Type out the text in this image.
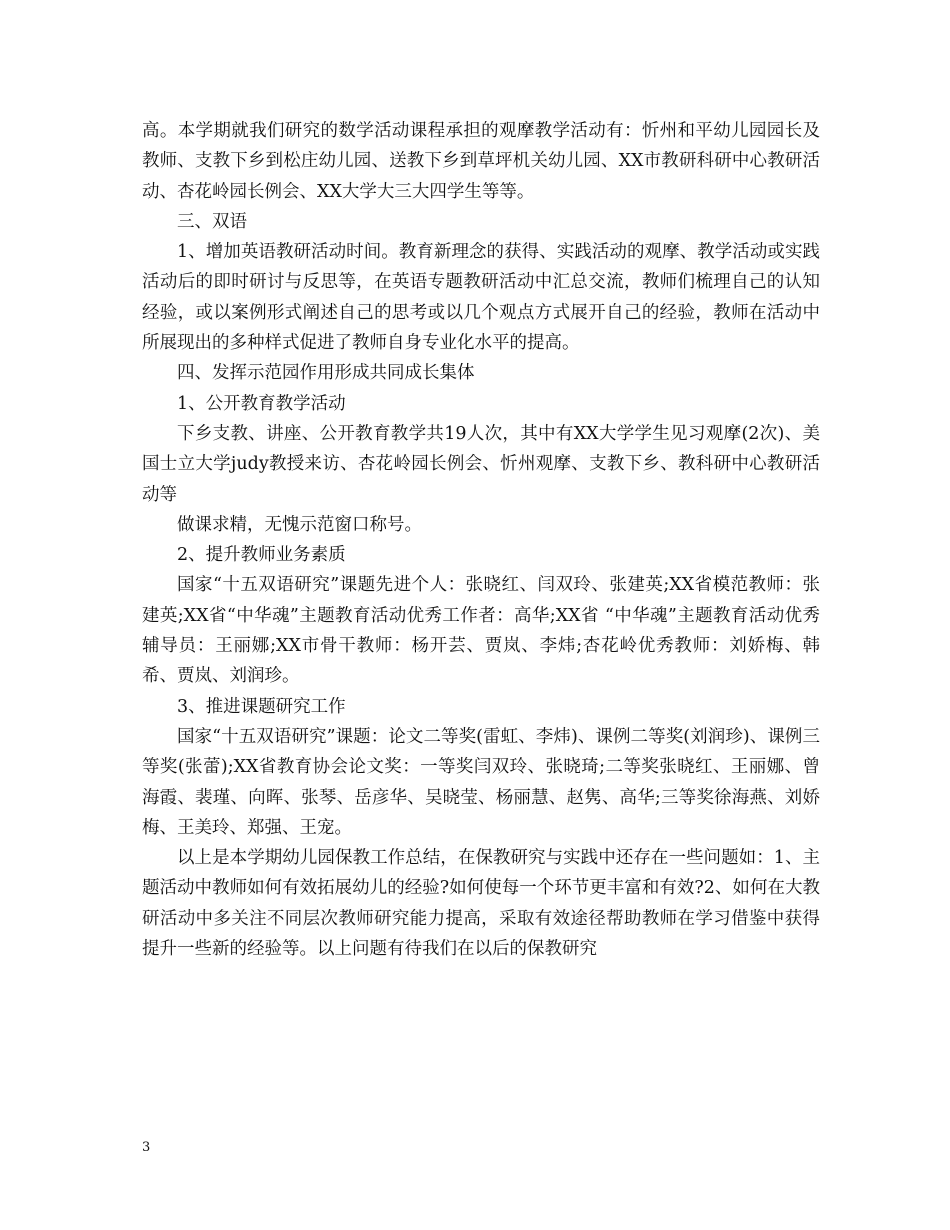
高。本学期就我们研究的数学活动课程承担的观摩教学活动有：忻州和平幼儿园园长及教师、支教下乡到松庄幼儿园、送教下乡到草坪机关幼儿园、XX市教研科研中心教研活动、杏花岭园长例会、XX大学大三大四学生等等。

三、双语

1、增加英语教研活动时间。教育新理念的获得、实践活动的观摩、教学活动或实践活动后的即时研讨与反思等，在英语专题教研活动中汇总交流，教师们梳理自己的认知经验，或以案例形式阐述自己的思考或以几个观点方式展开自己的经验，教师在活动中所展现出的多种样式促进了教师自身专业化水平的提高。

四、发挥示范园作用形成共同成长集体

1、公开教育教学活动

下乡支教、讲座、公开教育教学共19人次，其中有XX大学学生见习观摩(2次)、美国士立大学judy教授来访、杏花岭园长例会、忻州观摩、支教下乡、教科研中心教研活动等

做课求精，无愧示范窗口称号。

2、提升教师业务素质

国家“十五双语研究”课题先进个人：张晓红、闫双玲、张建英;XX省模范教师：张建英;XX省“中华魂”主题教育活动优秀工作者：高华;XX省 “中华魂”主题教育活动优秀辅导员：王丽娜;XX市骨干教师：杨开芸、贾岚、李炜;杏花岭优秀教师：刘娇梅、韩希、贾岚、刘润珍。

3、推进课题研究工作

国家“十五双语研究”课题：论文二等奖(雷虹、李炜)、课例二等奖(刘润珍)、课例三等奖(张蕾);XX省教育协会论文奖：一等奖闫双玲、张晓琦;二等奖张晓红、王丽娜、曾海霞、裴瑾、向晖、张琴、岳彦华、吴晓莹、杨丽慧、赵隽、高华;三等奖徐海燕、刘娇梅、王美玲、郑强、王宠。

以上是本学期幼儿园保教工作总结，在保教研究与实践中还存在一些问题如：1、主题活动中教师如何有效拓展幼儿的经验?如何使每一个环节更丰富和有效?2、如何在大教研活动中多关注不同层次教师研究能力提高，采取有效途径帮助教师在学习借鉴中获得提升一些新的经验等。以上问题有待我们在以后的保教研究

3
